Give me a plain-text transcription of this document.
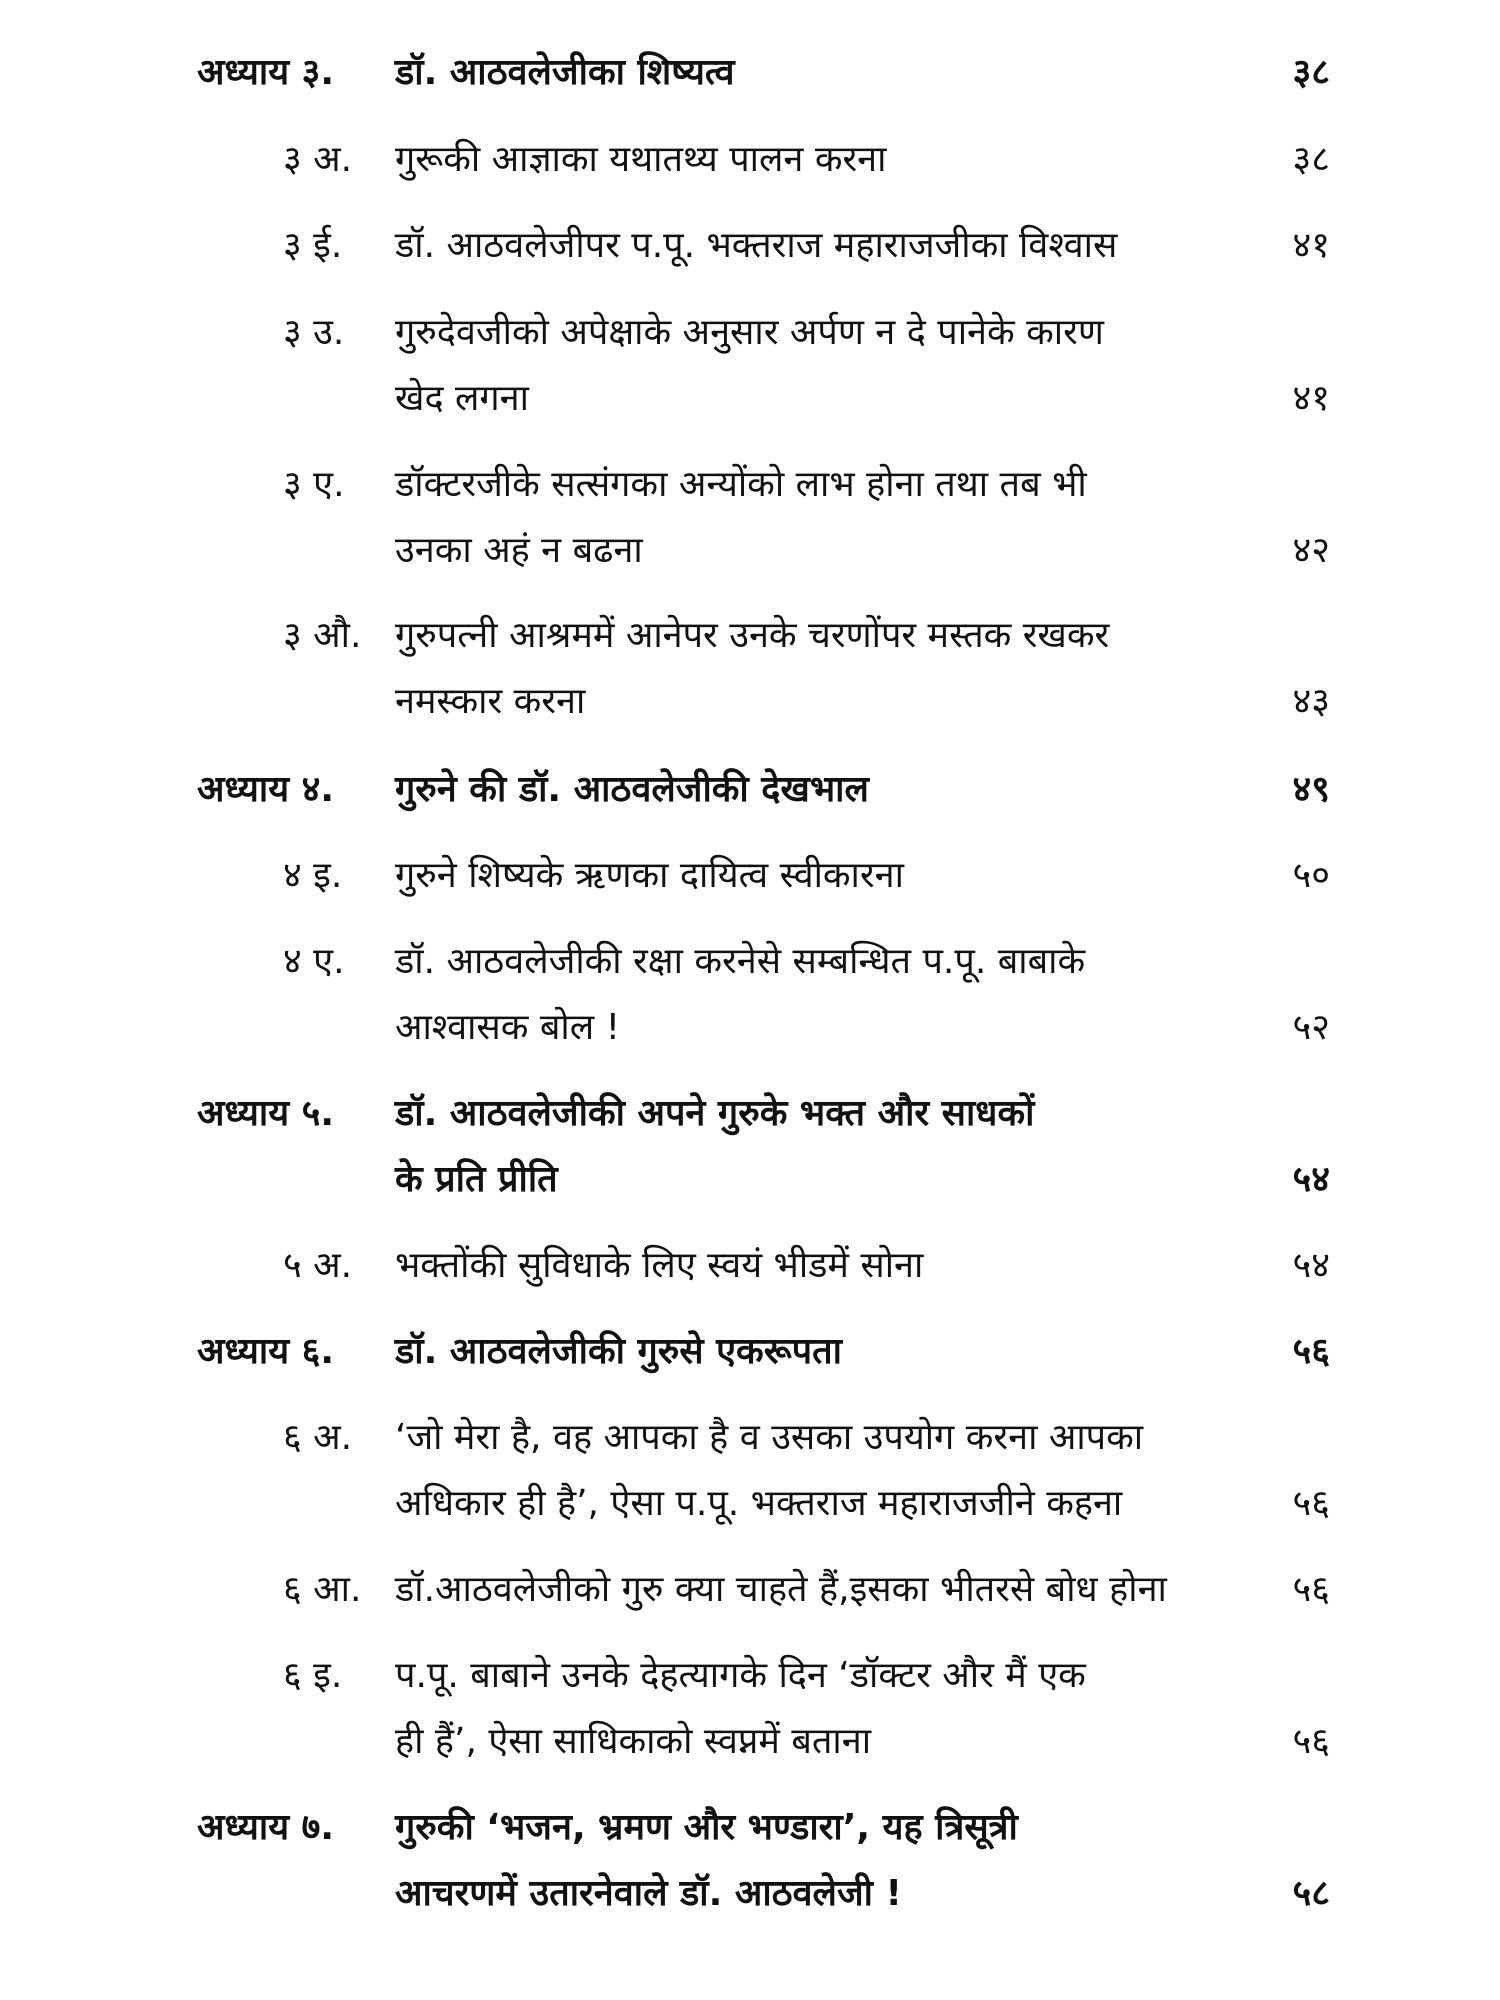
अध्याय ३. डॉ. आठवलेजीका शिष्यत्व	३८
३ अ. गुरूकी आज्ञाका यथातथ्य पालन करना	३८
३ ई. डॉ. आठवलेजीपर प.पू. भक्तराज महाराजजीका विश्वास	४१
३ उ. गुरुदेवजीको अपेक्षाके अनुसार अर्पण न दे पानेके कारण
खेद लगना	४१
३ ए. डॉक्टरजीके सत्संगका अन्योंको लाभ होना तथा तब भी
उनका अहं न बढना	४२
३ औ. गुरुपत्नी आश्रममें आनेपर उनके चरणोंपर मस्तक रखकर
नमस्कार करना	४३
अध्याय ४. गुरुने की डॉ. आठवलेजीकी देखभाल	४९
४ इ. गुरुने शिष्यके ऋणका दायित्व स्वीकारना	५०
४ ए. डॉ. आठवलेजीकी रक्षा करनेसे सम्बन्धित प.पू. बाबाके
आश्वासक बोल !	५२
अध्याय ५. डॉ. आठवलेजीकी अपने गुरुके भक्त और साधकों
के प्रति प्रीति	५४
५ अ. भक्तोंकी सुविधाके लिए स्वयं भीडमें सोना	५४
अध्याय ६. डॉ. आठवलेजीकी गुरुसे एकरूपता	५६
६ अ. ‘जो मेरा है, वह आपका है व उसका उपयोग करना आपका
अधिकार ही है’, ऐसा प.पू. भक्तराज महाराजजीने कहना	५६
६ आ. डॉ.आठवलेजीको गुरु क्या चाहते हैं,इसका भीतरसे बोध होना	५६
६ इ. प.पू. बाबाने उनके देहत्यागके दिन ‘डॉक्टर और मैं एक
ही हैं’, ऐसा साधिकाको स्वप्नमें बताना	५६
अध्याय ७. गुरुकी ‘भजन, भ्रमण और भण्डारा’, यह त्रिसूत्री
आचरणमें उतारनेवाले डॉ. आठवलेजी !	५८
